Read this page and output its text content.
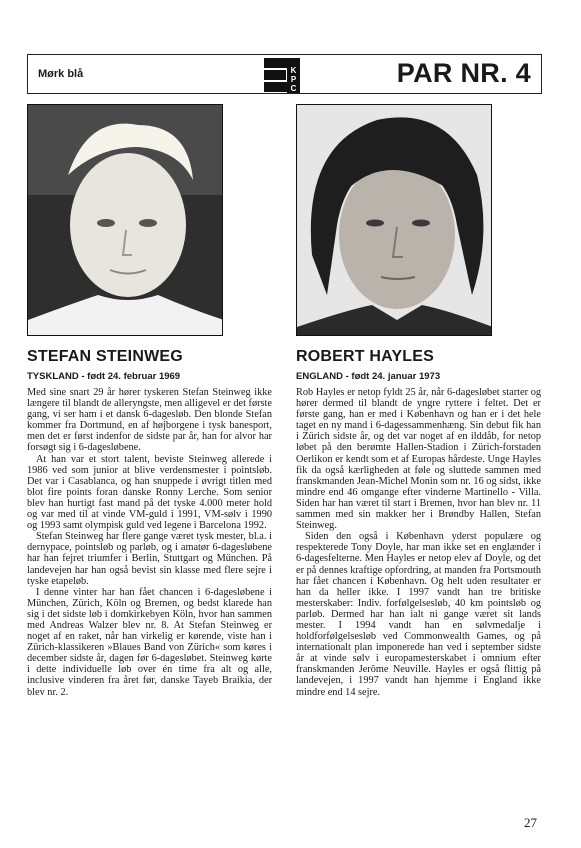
Mørk blå	K
P
C
PAR NR. 4
STEFAN STEINWEG
TYSKLAND - født 24. februar 1969

Med sine snart 29 år hører tyskeren Stefan Steinweg ikke længere til blandt de alleryngste, men alligevel er det første gang, vi ser ham i et dansk 6-dagesløb. Den blonde Stefan kommer fra Dortmund, en af højborgene i tysk banesport, men det er først indenfor de sidste par år, han for alvor har forsøgt sig i 6-dagesløbene.

At han var et stort talent, beviste Steinweg allerede i 1986 ved som junior at blive verdensmester i pointsløb. Det var i Casablanca, og han snuppede i øvrigt titlen med blot fire points foran danske Ronny Lerche. Som senior blev han hurtigt fast mand på det tyske 4.000 meter hold og var med til at vinde VM-guld i 1991, VM-sølv i 1990 og 1993 samt olympisk guld ved legene i Barcelona 1992.

Stefan Steinweg har flere gange været tysk mester, bl.a. i dernypace, pointsløb og parløb, og i amatør 6-dagesløbene har han fejret triumfer i Berlin, Stuttgart og München. På landevejen har han også bevist sin klasse med flere sejre i tyske etapeløb.

I denne vinter har han fået chancen i 6-dagesløbene i München, Zürich, Köln og Bremen, og bedst klarede han sig i det sidste løb i domkirkebyen Köln, hvor han sammen med Andreas Walzer blev nr. 8. At Stefan Steinweg er noget af en raket, når han virkelig er kørende, viste han i Zürich-klassikeren »Blaues Band von Zürich« som køres i december sidste år, dagen før 6-dagesløbet. Steinweg kørte i dette individuelle løb over én time fra alt og alle, inclusive vinderen fra året før, danske Tayeb Braikia, der blev nr. 2.

ROBERT HAYLES
ENGLAND - født 24. januar 1973

Rob Hayles er netop fyldt 25 år, når 6-dagesløbet starter og hører dermed til blandt de yngre ryttere i feltet. Det er første gang, han er med i København og han er i det hele taget en ny mand i 6-dagessammenhæng. Sin debut fik han i Zürich sidste år, og det var noget af en ilddåb, for netop løbet på den berømte Hallen-Stadion i Zürich-forstaden Oerlikon er kendt som et af Europas hårdeste. Unge Hayles fik da også kærligheden at føle og sluttede sammen med franskmanden Jean-Michel Monin som nr. 16 og sidst, ikke mindre end 46 omgange efter vinderne Martinello - Villa. Siden har han været til start i Bremen, hvor han blev nr. 11 sammen med sin makker her i Brøndby Hallen, Stefan Steinweg.

Siden den også i København yderst populære og respekterede Tony Doyle, har man ikke set en englænder i 6-dagesfelterne. Men Hayles er netop elev af Doyle, og det er på dennes kraftige opfordring, at manden fra Portsmouth har fået chancen i København. Og helt uden resultater er han da heller ikke. I 1997 vandt han tre britiske mesterskaber: Indiv. forfølgelsesløb, 40 km pointsløb og parløb. Dermed har han ialt ni gange været sit lands mester. I 1994 vandt han en sølvmedalje i holdforfølgelsesløb ved Commonwealth Games, og på internationalt plan imponerede han ved i september sidste år at vinde sølv i europamesterskabet i omnium efter franskmanden Jerôme Neuville. Hayles er også flittig på landevejen, i 1997 vandt han hjemme i England ikke mindre end 14 sejre.

27
